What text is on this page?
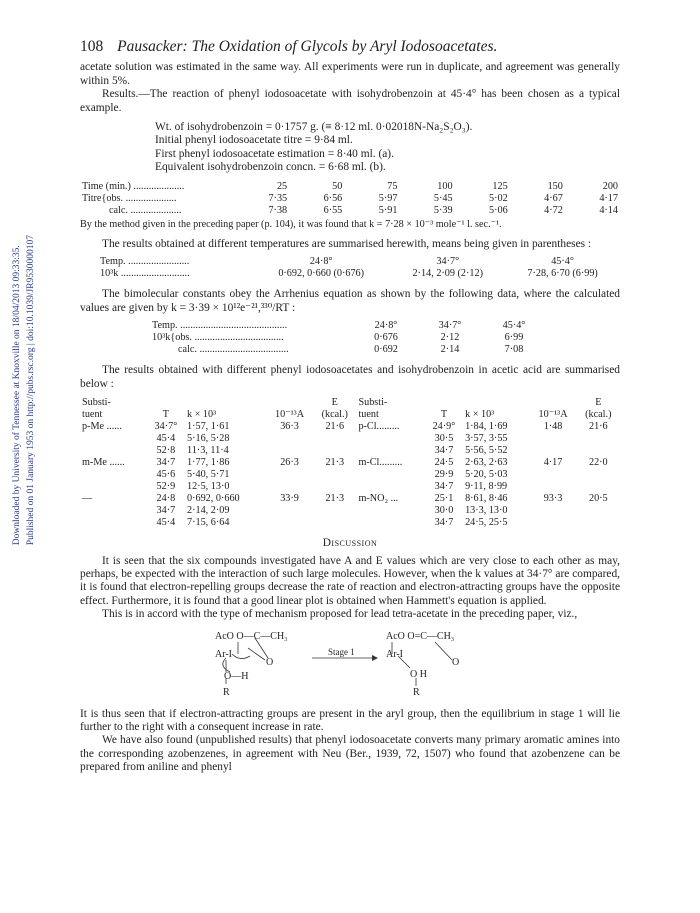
Downloaded by University of Tennessee at Knoxville on 18/04/2013 09:33:35. Published on 01 January 1953 on http://pubs.rsc.org | doi:10.1039/JR9530000107
108 Pausacker: The Oxidation of Glycols by Aryl Iodosoacetates.

acetate solution was estimated in the same way. All experiments were run in duplicate, and agreement was generally within 5%.

Results.—The reaction of phenyl iodosoacetate with isohydrobenzoin at 45·4° has been chosen as a typical example.

Wt. of isohydrobenzoin = 0·1757 g. (≡ 8·12 ml. 0·02018N-Na₂S₂O₃).
Initial phenyl iodosoacetate titre = 9·84 ml.
First phenyl iodosoacetate estimation = 8·40 ml. (a).
Equivalent isohydrobenzoin concn. = 6·68 ml. (b).
Time (min.) ....................	25	50	75	100	125	150	200
Titre{obs. ....................	7·35	6·56	5·97	5·45	5·02	4·67	4·17
calc. ....................	7·38	6·55	5·91	5·39	5·06	4·72	4·14
By the method given in the preceding paper (p. 104), it was found that k = 7·28 × 10⁻³ mole⁻¹ l. sec.⁻¹.

The results obtained at different temperatures are summarised herewith, means being given in parentheses :

Temp. ........................	24·8°	34·7°	45·4°
10³k ...........................	0·692, 0·660 (0·676)	2·14, 2·09 (2·12)	7·28, 6·70 (6·99)

The bimolecular constants obey the Arrhenius equation as shown by the following data, where the calculated values are given by k = 3·39 × 10¹²e⁻²¹,³³⁰/RT :

Temp. ..........................................	24·8°	34·7°	45·4°
10³k{obs. ...................................	0·676	2·12	6·99
calc. ...................................	0·692	2·14	7·08

The results obtained with different phenyl iodosoacetates and isohydrobenzoin in acetic acid are summarised below :

Substi-				E	Substi-				E
tuent	T	k × 10³	10⁻¹³A	(kcal.)	tuent	T	k × 10³	10⁻¹³A	(kcal.)
p-Me ......	34·7°	1·57, 1·61	36·3	21·6	p-Cl.........	24·9°	1·84, 1·69	1·48	21·6
	45·4	5·16, 5·28				30·5	3·57, 3·55		
	52·8	11·3, 11·4				34·7	5·56, 5·52		
m-Me ......	34·7	1·77, 1·86	26·3	21·3	m-Cl.........	24·5	2·63, 2·63	4·17	22·0
	45·6	5·40, 5·71				29·9	5·20, 5·03		
	52·9	12·5, 13·0				34·7	9·11, 8·99		
—	24·8	0·692, 0·660	33·9	21·3	m-NO₂ ...	25·1	8·61, 8·46	93·3	20·5
	34·7	2·14, 2·09				30·0	13·3, 13·0		
	45·4	7·15, 6·64				34·7	24·5, 25·5		
Discussion

It is seen that the six compounds investigated have A and E values which are very close to each other as may, perhaps, be expected with the interaction of such large molecules. However, when the k values at 34·7° are compared, it is found that electron-repelling groups decrease the rate of reaction and electron-attracting groups have the opposite effect. Furthermore, it is found that a good linear plot is obtained when Hammett's equation is applied.

This is in accord with the type of mechanism proposed for lead tetra-acetate in the preceding paper, viz.,

AcO O—C—CH₃
Ar-I
O
O—H
R
Stage 1
AcO O=C—CH₃
Ar-I
O
O H
R

It is thus seen that if electron-attracting groups are present in the aryl group, then the equilibrium in stage 1 will lie further to the right with a consequent increase in rate.

We have also found (unpublished results) that phenyl iodosoacetate converts many primary aromatic amines into the corresponding azobenzenes, in agreement with Neu (Ber., 1939, 72, 1507) who found that azobenzene can be prepared from aniline and phenyl
